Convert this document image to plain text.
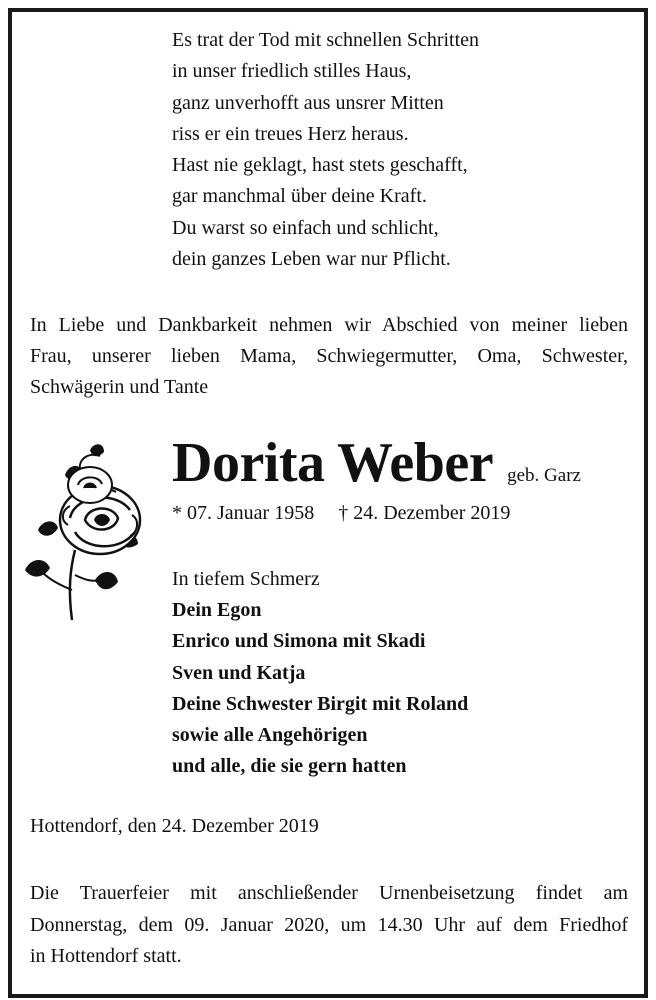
Es trat der Tod mit schnellen Schritten
in unser friedlich stilles Haus,
ganz unverhofft aus unsrer Mitten
riss er ein treues Herz heraus.
Hast nie geklagt, hast stets geschafft,
gar manchmal über deine Kraft.
Du warst so einfach und schlicht,
dein ganzes Leben war nur Pflicht.
In Liebe und Dankbarkeit nehmen wir Abschied von meiner lieben
Frau, unserer lieben Mama, Schwiegermutter, Oma, Schwester,
Schwägerin und Tante
Dorita Weber geb. Garz
* 07. Januar 1958 † 24. Dezember 2019
In tiefem Schmerz
Dein Egon
Enrico und Simona mit Skadi
Sven und Katja
Deine Schwester Birgit mit Roland
sowie alle Angehörigen
und alle, die sie gern hatten
Hottendorf, den 24. Dezember 2019
Die Trauerfeier mit anschließender Urnenbeisetzung findet am
Donnerstag, dem 09. Januar 2020, um 14.30 Uhr auf dem Friedhof
in Hottendorf statt.
